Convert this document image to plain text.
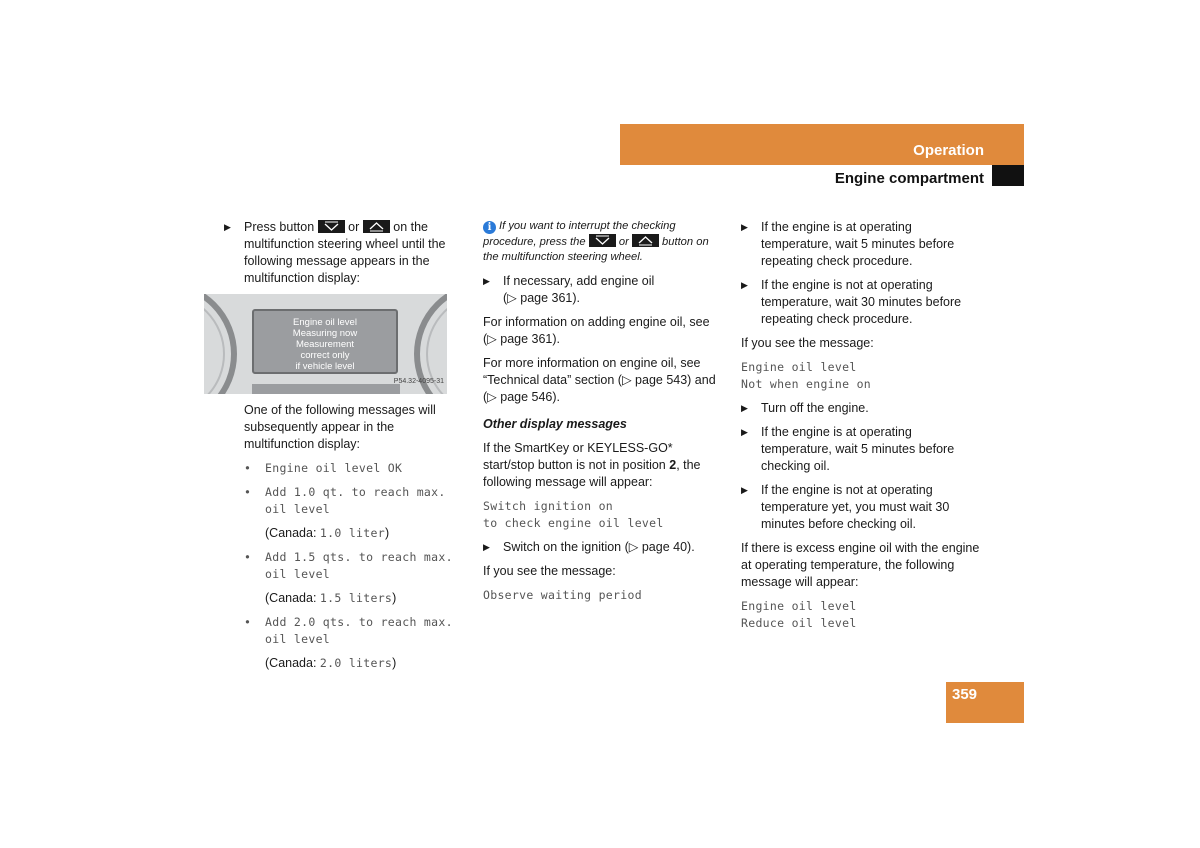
Operation
Engine compartment
▶ Press button	or	on the multifunction steering wheel until the following message appears in the multifunction display:
Engine oil level
Measuring now
Measurement
correct only
if vehicle level
P54.32-4095-31
One of the following messages will subsequently appear in the multifunction display:
• Engine oil level OK
• Add 1.0 qt. to reach max. oil level
(Canada: 1.0 liter)
• Add 1.5 qts. to reach max. oil level
(Canada: 1.5 liters)
• Add 2.0 qts. to reach max. oil level
(Canada: 2.0 liters)
i If you want to interrupt the checking procedure, press the	or	button on the multifunction steering wheel.
▶ If necessary, add engine oil
(▷ page 361).
For information on adding engine oil, see (▷ page 361).
For more information on engine oil, see “Technical data” section (▷ page 543) and (▷ page 546).
Other display messages
If the SmartKey or KEYLESS-GO* start/stop button is not in position 2, the following message will appear:
Switch ignition on
to check engine oil level
▶ Switch on the ignition (▷ page 40).
If you see the message:
Observe waiting period
▶ If the engine is at operating temperature, wait 5 minutes before repeating check procedure.
▶ If the engine is not at operating temperature, wait 30 minutes before repeating check procedure.
If you see the message:
Engine oil level
Not when engine on
▶ Turn off the engine.
▶ If the engine is at operating temperature, wait 5 minutes before checking oil.
▶ If the engine is not at operating temperature yet, you must wait 30 minutes before checking oil.
If there is excess engine oil with the engine at operating temperature, the following message will appear:
Engine oil level
Reduce oil level
359
